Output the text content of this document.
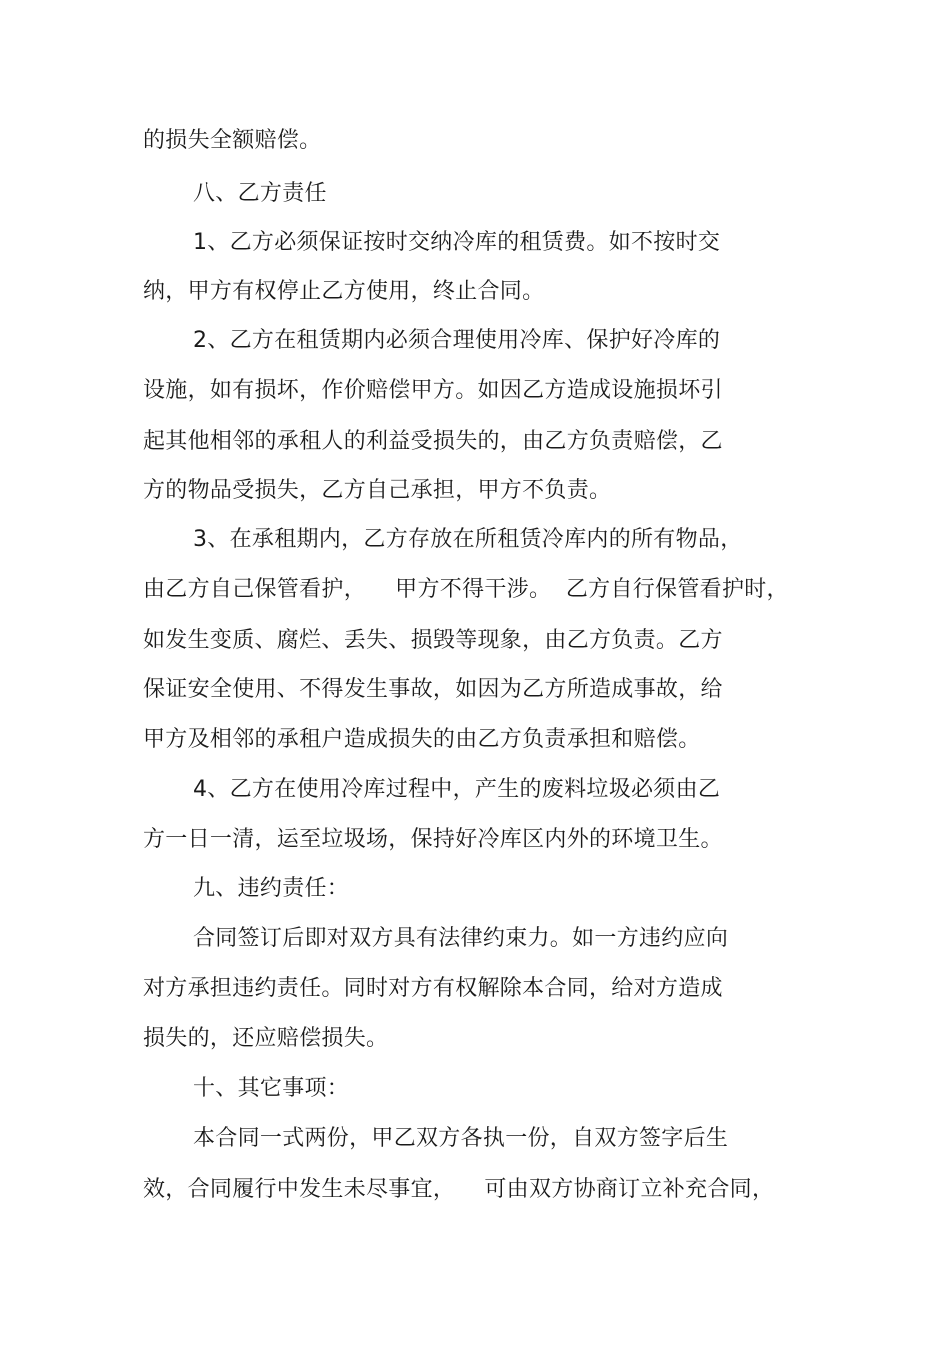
的损失全额赔偿。
八、乙方责任
1、乙方必须保证按时交纳冷库的租赁费。如不按时交
纳，甲方有权停止乙方使用，终止合同。
2、乙方在租赁期内必须合理使用冷库、保护好冷库的
设施，如有损坏，作价赔偿甲方。如因乙方造成设施损坏引
起其他相邻的承租人的利益受损失的，由乙方负责赔偿，乙
方的物品受损失，乙方自己承担，甲方不负责。
3、在承租期内，乙方存放在所租赁冷库内的所有物品，
由乙方自己保管看护，    甲方不得干涉。  乙方自行保管看护时，
如发生变质、腐烂、丢失、损毁等现象，由乙方负责。乙方
保证安全使用、不得发生事故，如因为乙方所造成事故，给
甲方及相邻的承租户造成损失的由乙方负责承担和赔偿。
4、乙方在使用冷库过程中，产生的废料垃圾必须由乙
方一日一清，运至垃圾场，保持好冷库区内外的环境卫生。
九、违约责任：
合同签订后即对双方具有法律约束力。如一方违约应向
对方承担违约责任。同时对方有权解除本合同，给对方造成
损失的，还应赔偿损失。
十、其它事项：
本合同一式两份，甲乙双方各执一份，自双方签字后生
效，合同履行中发生未尽事宜，    可由双方协商订立补充合同，
